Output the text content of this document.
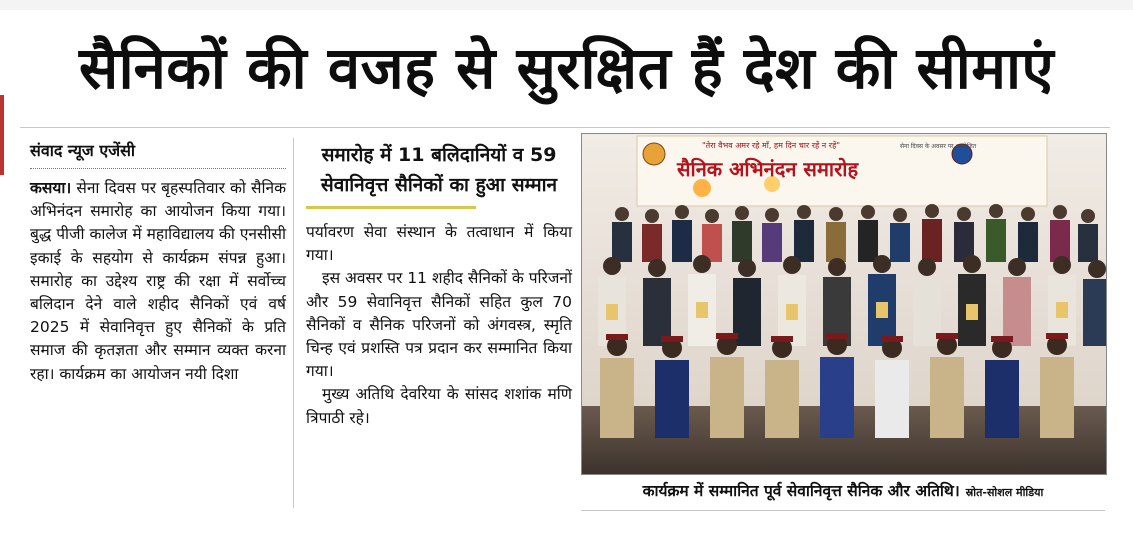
सैनिकों की वजह से सुरक्षित हैं देश की सीमाएं
संवाद न्यूज एजेंसी

कसया। सेना दिवस पर बृहस्पतिवार को सैनिक अभिनंदन समारोह का आयोजन किया गया। बुद्ध पीजी कालेज में महाविद्यालय की एनसीसी इकाई के सहयोग से कार्यक्रम संपन्न हुआ। समारोह का उद्देश्य राष्ट्र की रक्षा में सर्वोच्च बलिदान देने वाले शहीद सैनिकों एवं वर्ष 2025 में सेवानिवृत्त हुए सैनिकों के प्रति समाज की कृतज्ञता और सम्मान व्यक्त करना रहा। कार्यक्रम का आयोजन नयी दिशा

समारोह में 11 बलिदानियों व 59 सेवानिवृत्त सैनिकों का हुआ सम्मान

पर्यावरण सेवा संस्थान के तत्वाधान में किया गया।

इस अवसर पर 11 शहीद सैनिकों के परिजनों और 59 सेवानिवृत्त सैनिकों सहित कुल 70 सैनिकों व सैनिक परिजनों को अंगवस्त्र, स्मृति चिन्ह एवं प्रशस्ति पत्र प्रदान कर सम्मानित किया गया।

मुख्य अतिथि देवरिया के सांसद शशांक मणि त्रिपाठी रहे।

"तेरा वैभव अमर रहे माँ, हम दिन चार रहें न रहें"	सेना दिवस के अवसर पर आयोजित
सैनिक अभिनंदन समारोह
कार्यक्रम में सम्मानित पूर्व सेवानिवृत्त सैनिक और अतिथि। स्रोत-सोशल मीडिया
